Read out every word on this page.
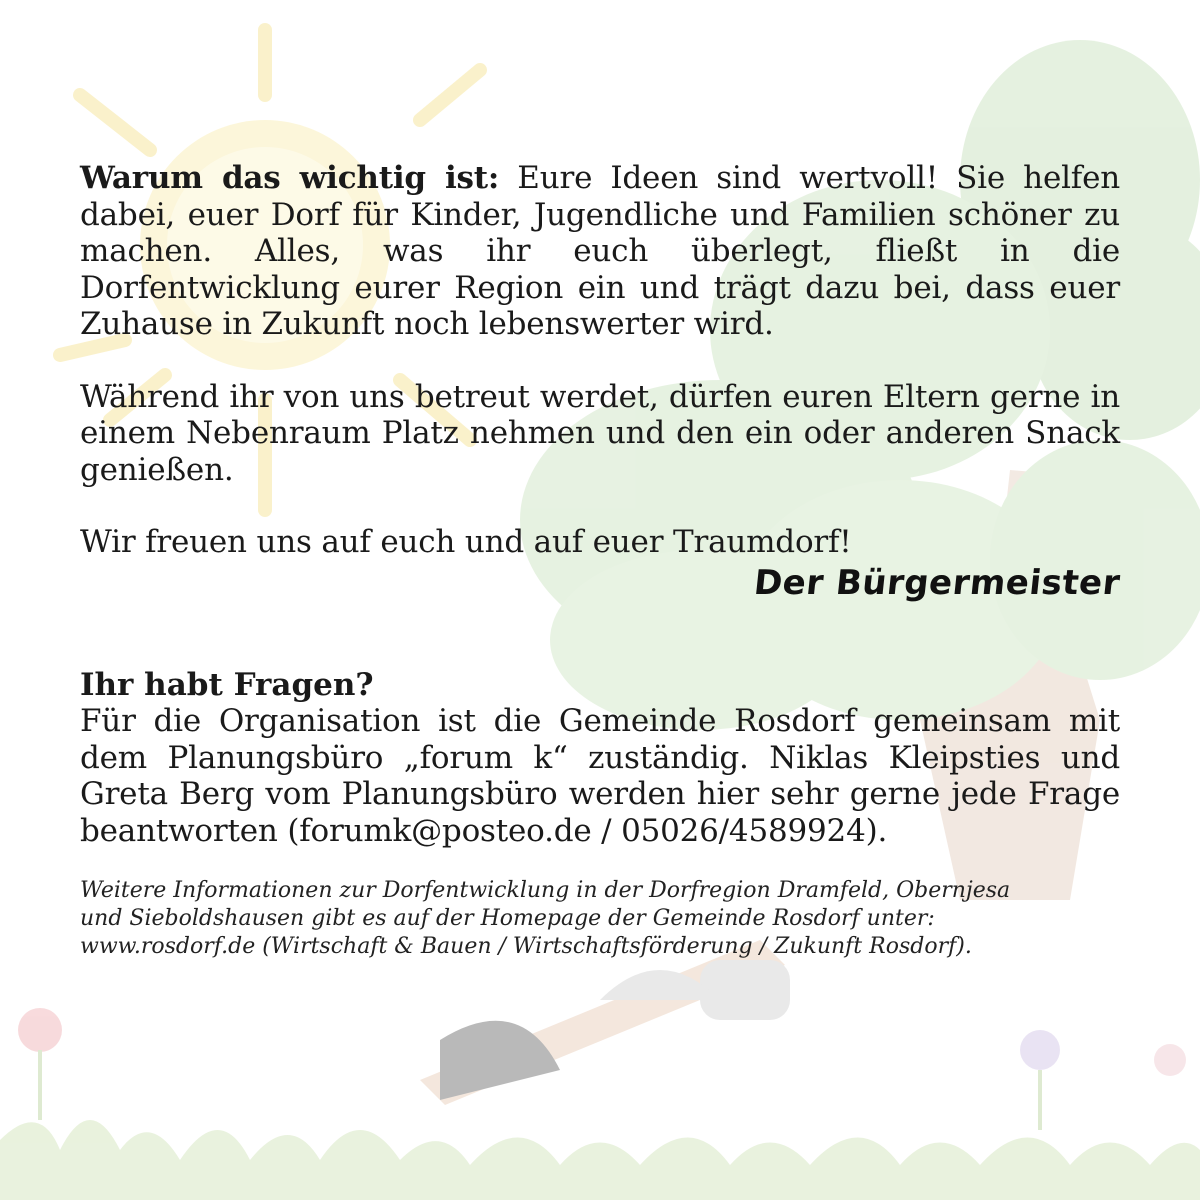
Warum das wichtig ist: Eure Ideen sind wertvoll! Sie helfen dabei, euer Dorf für Kinder, Jugendliche und Familien schöner zu machen. Alles, was ihr euch überlegt, fließt in die Dorfentwicklung eurer Region ein und trägt dazu bei, dass euer Zuhause in Zukunft noch lebenswerter wird.

Während ihr von uns betreut werdet, dürfen euren Eltern gerne in einem Nebenraum Platz nehmen und den ein oder anderen Snack genießen.

Wir freuen uns auf euch und auf euer Traumdorf!

Der Bürgermeister

Ihr habt Fragen?

Für die Organisation ist die Gemeinde Rosdorf gemeinsam mit dem Planungsbüro „forum k“ zuständig. Niklas Kleipsties und Greta Berg vom Planungsbüro werden hier sehr gerne jede Frage beantworten (forumk@posteo.de / 05026/4589924).

Weitere Informationen zur Dorfentwicklung in der Dorfregion Dramfeld, Obernjesa und Sieboldshausen gibt es auf der Homepage der Gemeinde Rosdorf unter: www.rosdorf.de (Wirtschaft & Bauen / Wirtschaftsförderung / Zukunft Rosdorf).
